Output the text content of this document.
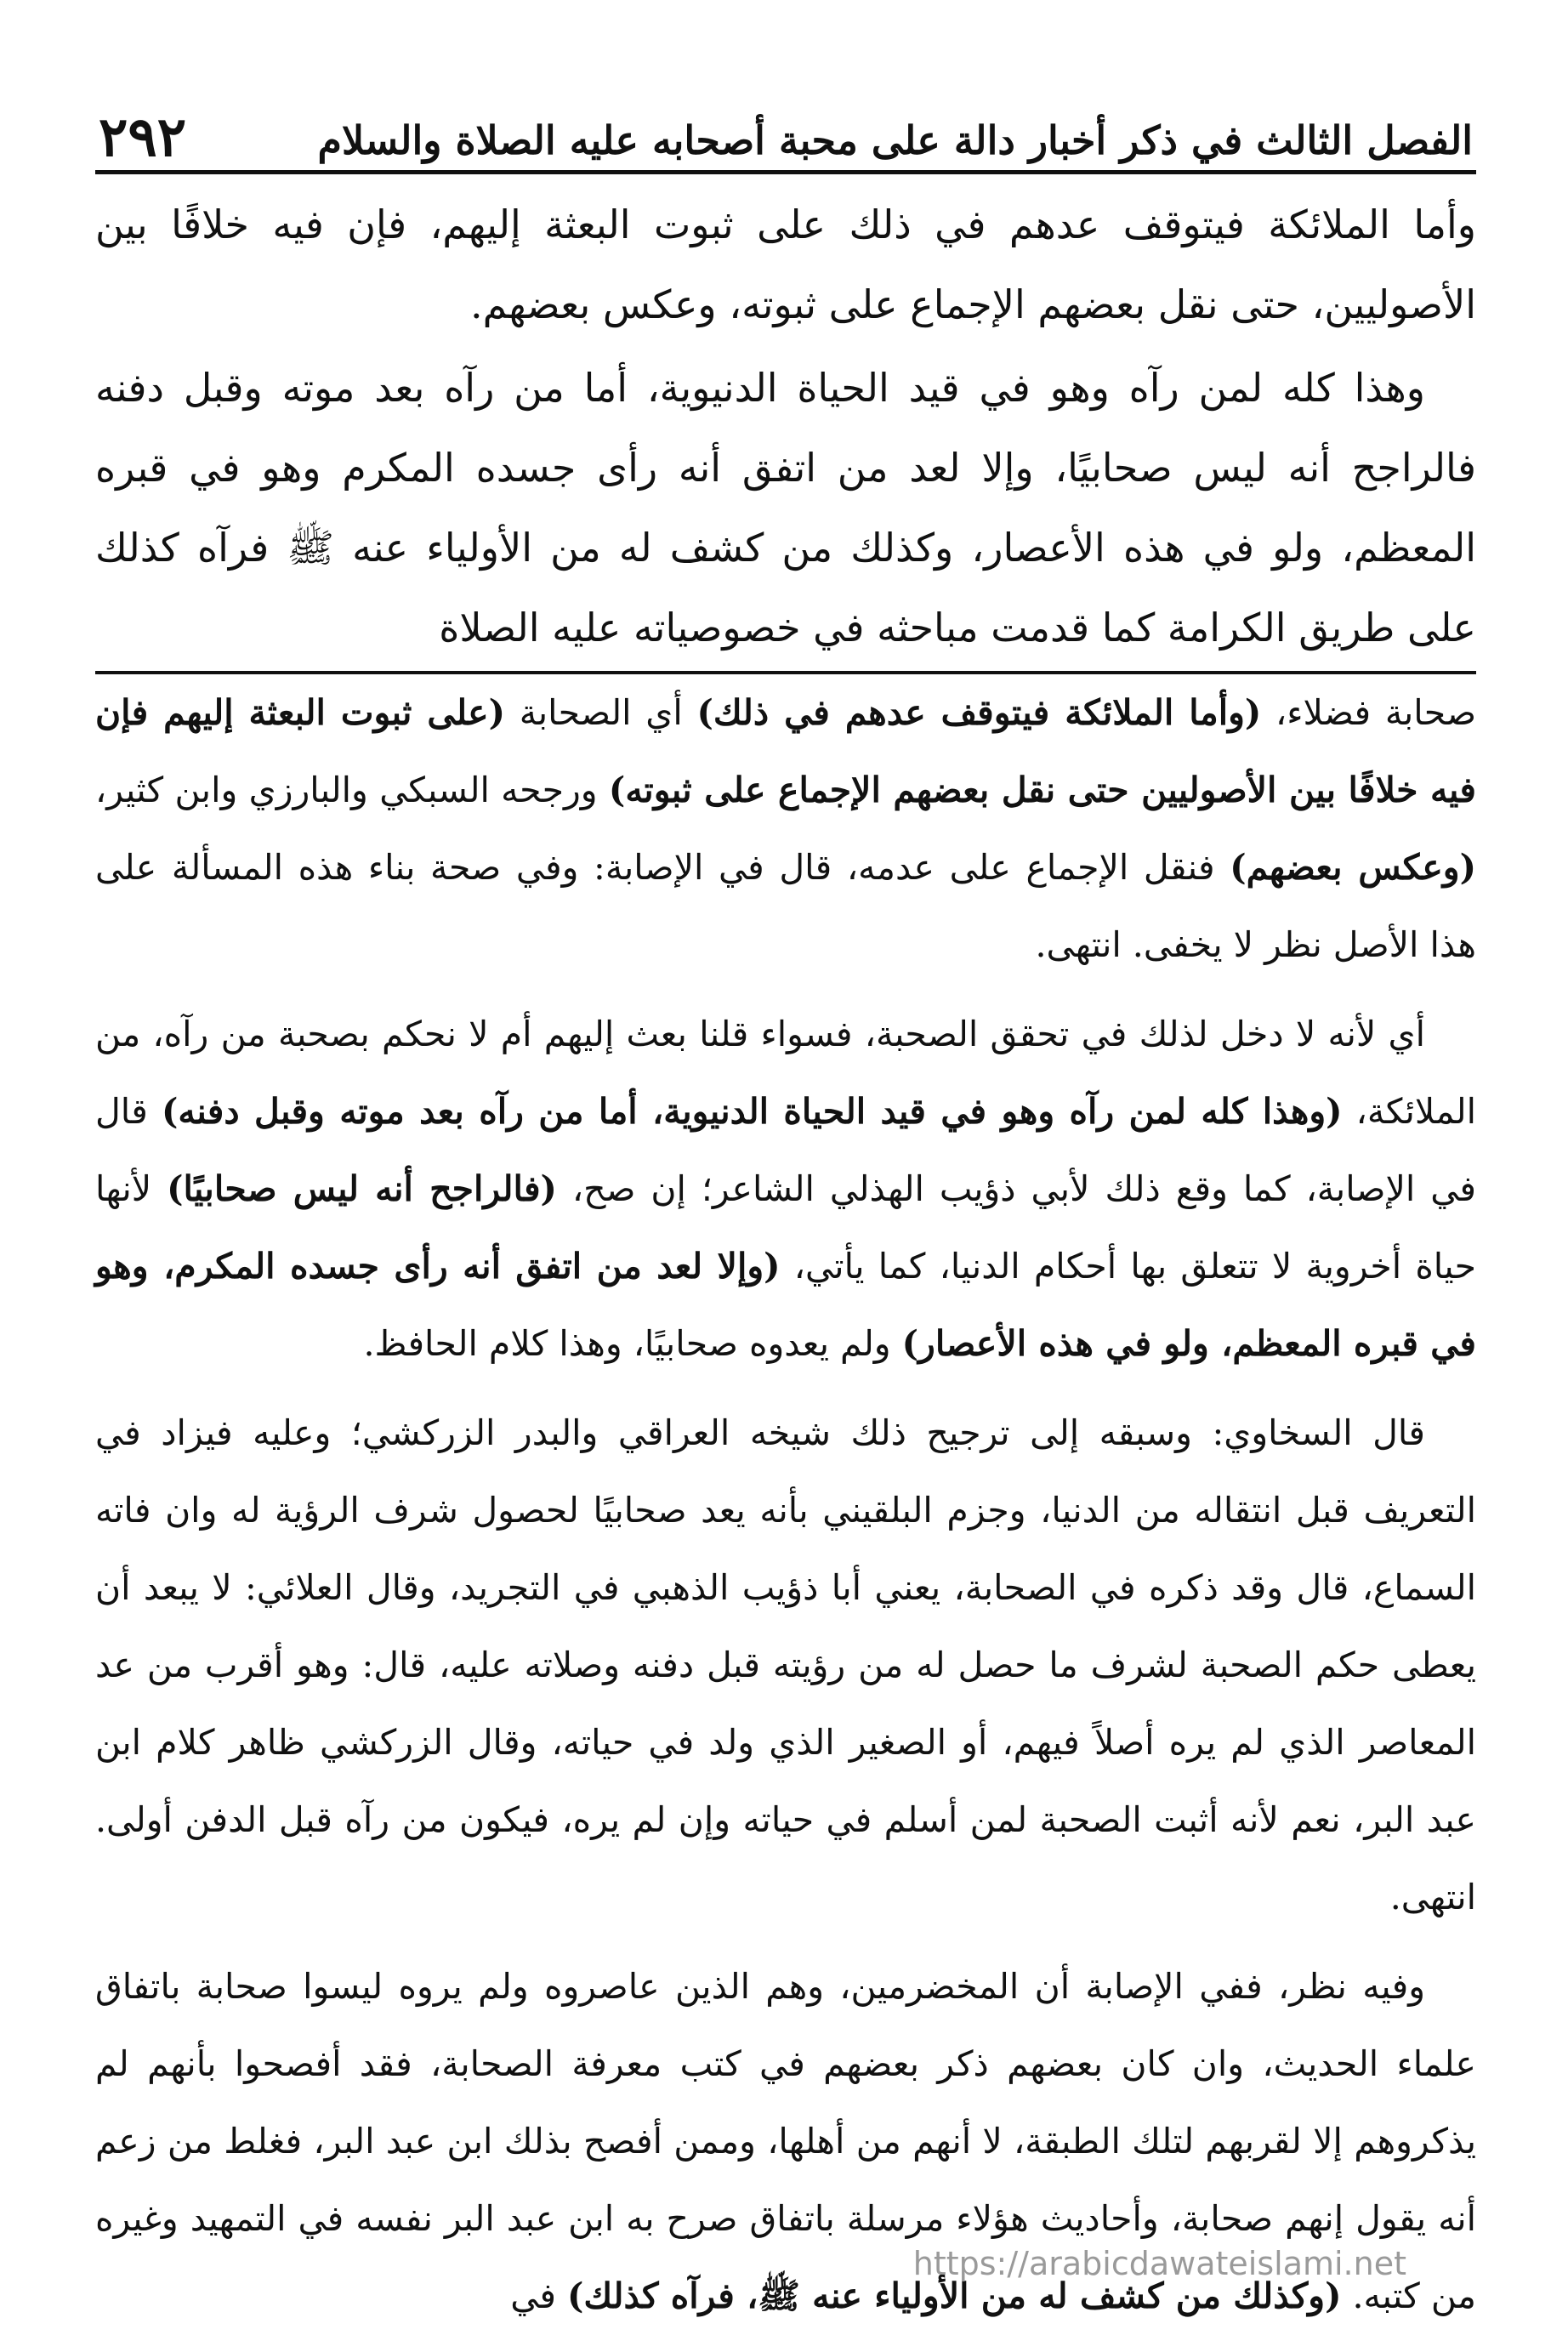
الفصل الثالث في ذكر أخبار دالة على محبة أصحابه عليه الصلاة والسلام
٢٩٢

وأما الملائكة فيتوقف عدهم في ذلك على ثبوت البعثة إليهم، فإن فيه خلافًا بين الأصوليين، حتى نقل بعضهم الإجماع على ثبوته، وعكس بعضهم.

وهذا كله لمن رآه وهو في قيد الحياة الدنيوية، أما من رآه بعد موته وقبل دفنه فالراجح أنه ليس صحابيًا، وإلا لعد من اتفق أنه رأى جسده المكرم وهو في قبره المعظم، ولو في هذه الأعصار، وكذلك من كشف له من الأولياء عنه ﷺ فرآه كذلك على طريق الكرامة كما قدمت مباحثه في خصوصياته عليه الصلاة

صحابة فضلاء، (وأما الملائكة فيتوقف عدهم في ذلك) أي الصحابة (على ثبوت البعثة إليهم فإن فيه خلافًا بين الأصوليين حتى نقل بعضهم الإجماع على ثبوته) ورجحه السبكي والبارزي وابن كثير، (وعكس بعضهم) فنقل الإجماع على عدمه، قال في الإصابة: وفي صحة بناء هذه المسألة على هذا الأصل نظر لا يخفى. انتهى.

أي لأنه لا دخل لذلك في تحقق الصحبة، فسواء قلنا بعث إليهم أم لا نحكم بصحبة من رآه، من الملائكة، (وهذا كله لمن رآه وهو في قيد الحياة الدنيوية، أما من رآه بعد موته وقبل دفنه) قال في الإصابة، كما وقع ذلك لأبي ذؤيب الهذلي الشاعر؛ إن صح، (فالراجح أنه ليس صحابيًا) لأنها حياة أخروية لا تتعلق بها أحكام الدنيا، كما يأتي، (وإلا لعد من اتفق أنه رأى جسده المكرم، وهو في قبره المعظم، ولو في هذه الأعصار) ولم يعدوه صحابيًا، وهذا كلام الحافظ.

قال السخاوي: وسبقه إلى ترجيح ذلك شيخه العراقي والبدر الزركشي؛ وعليه فيزاد في التعريف قبل انتقاله من الدنيا، وجزم البلقيني بأنه يعد صحابيًا لحصول شرف الرؤية له وان فاته السماع، قال وقد ذكره في الصحابة، يعني أبا ذؤيب الذهبي في التجريد، وقال العلائي: لا يبعد أن يعطى حكم الصحبة لشرف ما حصل له من رؤيته قبل دفنه وصلاته عليه، قال: وهو أقرب من عد المعاصر الذي لم يره أصلاً فيهم، أو الصغير الذي ولد في حياته، وقال الزركشي ظاهر كلام ابن عبد البر، نعم لأنه أثبت الصحبة لمن أسلم في حياته وإن لم يره، فيكون من رآه قبل الدفن أولى. انتهى.

وفيه نظر، ففي الإصابة أن المخضرمين، وهم الذين عاصروه ولم يروه ليسوا صحابة باتفاق علماء الحديث، وان كان بعضهم ذكر بعضهم في كتب معرفة الصحابة، فقد أفصحوا بأنهم لم يذكروهم إلا لقربهم لتلك الطبقة، لا أنهم من أهلها، وممن أفصح بذلك ابن عبد البر، فغلط من زعم أنه يقول إنهم صحابة، وأحاديث هؤلاء مرسلة باتفاق صرح به ابن عبد البر نفسه في التمهيد وغيره من كتبه. (وكذلك من كشف له من الأولياء عنه ﷺ، فرآه كذلك) في

https://arabicdawateislami.net
